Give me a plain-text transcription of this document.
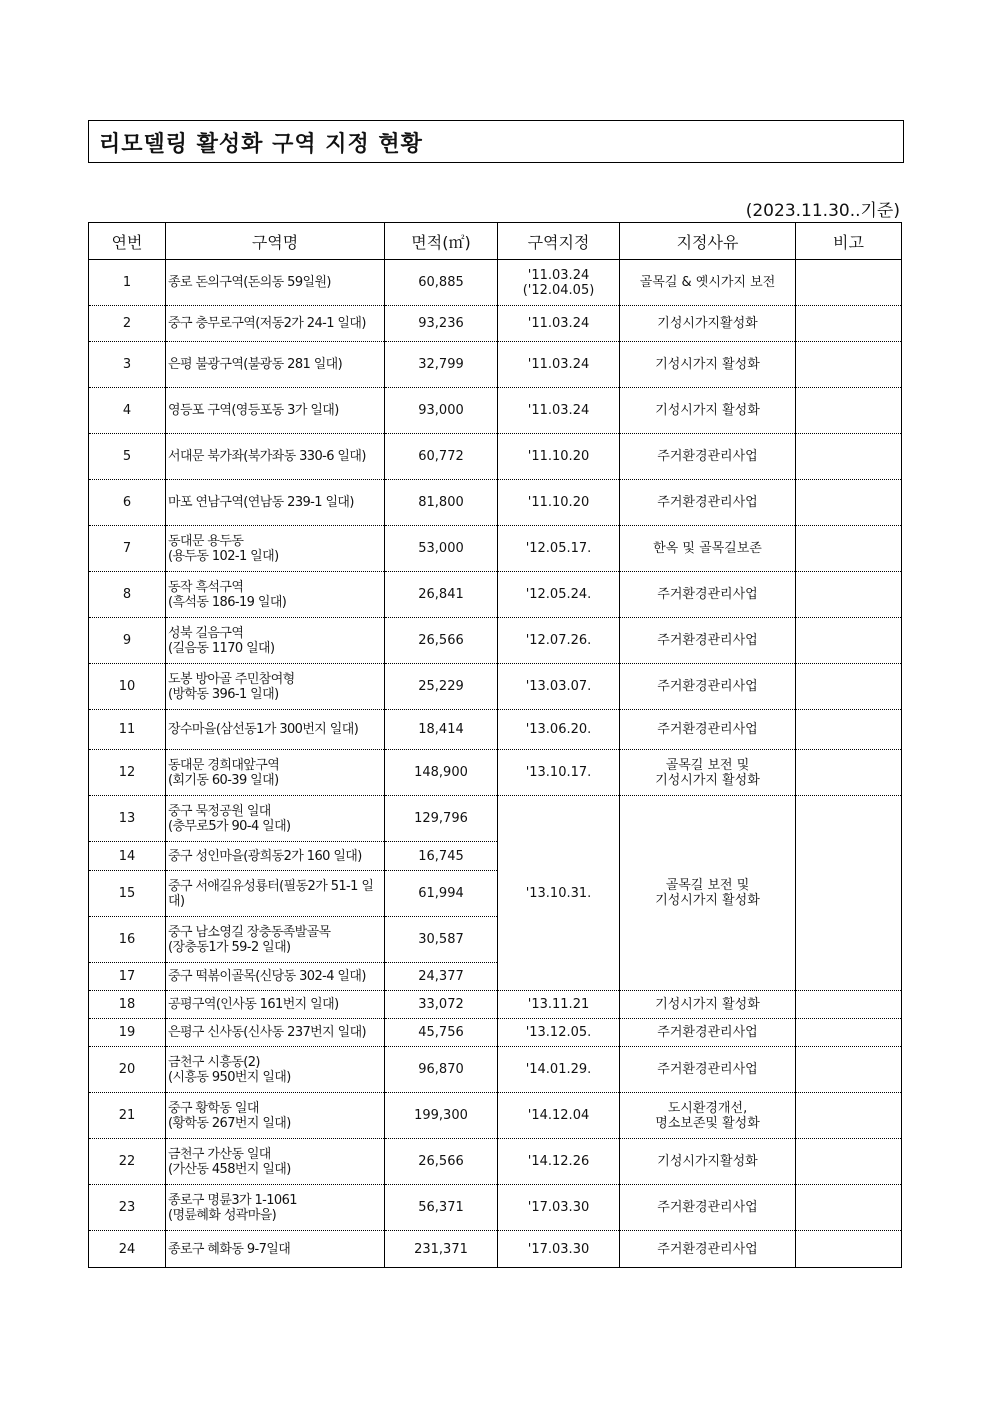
리모델링 활성화 구역 지정 현황
(2023.11.30..기준)
연번	구역명	면적(㎡)	구역지정	지정사유	비고
1	종로 돈의구역(돈의동 59일원)	60,885	'11.03.24
('12.04.05)	골목길 & 옛시가지 보전	
2	중구 충무로구역(저동2가 24-1 일대)	93,236	'11.03.24	기성시가지활성화	
3	은평 불광구역(불광동 281 일대)	32,799	'11.03.24	기성시가지 활성화	
4	영등포 구역(영등포동 3가 일대)	93,000	'11.03.24	기성시가지 활성화	
5	서대문 북가좌(북가좌동 330-6 일대)	60,772	'11.10.20	주거환경관리사업	
6	마포 연남구역(연남동 239-1 일대)	81,800	'11.10.20	주거환경관리사업	
7	동대문 용두동
(용두동 102-1 일대)	53,000	'12.05.17.	한옥 및 골목길보존	
8	동작 흑석구역
(흑석동 186-19 일대)	26,841	'12.05.24.	주거환경관리사업	
9	성북 길음구역
(길음동 1170 일대)	26,566	'12.07.26.	주거환경관리사업	
10	도봉 방아골 주민참여형
(방학동 396-1 일대)	25,229	'13.03.07.	주거환경관리사업	
11	장수마을(삼선동1가 300번지 일대)	18,414	'13.06.20.	주거환경관리사업	
12	동대문 경희대앞구역
(회기동 60-39 일대)	148,900	'13.10.17.	골목길 보전 및
기성시가지 활성화	
13	중구 묵정공원 일대
(충무로5가 90-4 일대)	129,796	'13.10.31.	골목길 보전 및
기성시가지 활성화	
14	중구 성인마을(광희동2가 160 일대)	16,745			
15	중구 서애길유성룡터(필동2가 51-1 일대)	61,994			
16	중구 남소영길 장충동족발골목
(장충동1가 59-2 일대)	30,587			
17	중구 떡볶이골목(신당동 302-4 일대)	24,377			
18	공평구역(인사동 161번지 일대)	33,072	'13.11.21	기성시가지 활성화	
19	은평구 신사동(신사동 237번지 일대)	45,756	'13.12.05.	주거환경관리사업	
20	금천구 시흥동(2)
(시흥동 950번지 일대)	96,870	'14.01.29.	주거환경관리사업	
21	중구 황학동 일대
(황학동 267번지 일대)	199,300	'14.12.04	도시환경개선,
명소보존및 활성화	
22	금천구 가산동 일대
(가산동 458번지 일대)	26,566	'14.12.26	기성시가지활성화	
23	종로구 명륜3가 1-1061
(명륜혜화 성곽마을)	56,371	'17.03.30	주거환경관리사업	
24	종로구 혜화동 9-7일대	231,371	'17.03.30	주거환경관리사업	
